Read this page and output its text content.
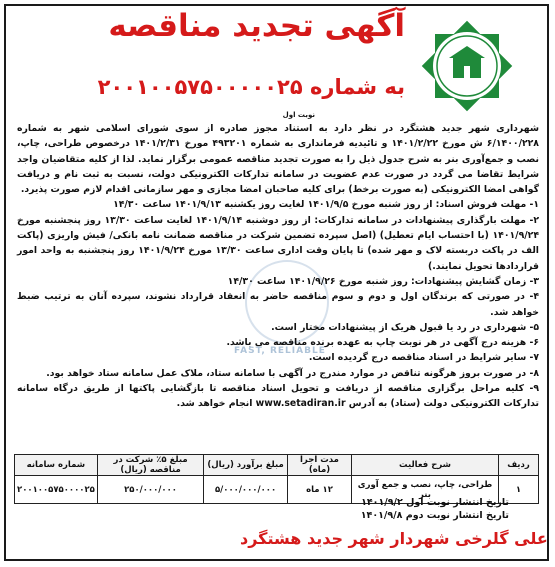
آگهی تجدید مناقصه
به شماره ۲۰۰۱۰۰۵۷۵۰۰۰۰۰۲۵
نوبت اول
FAST, RELIABLE

شهرداری شهر جدید هشتگرد در نظر دارد به استناد مجوز صادره از سوی شورای اسلامی شهر به شماره ۶/۱۴۰۰/۲۲۸ ش مورخ ۱۴۰۱/۲/۲۲ و تائیدیه فرمانداری به شماره ۴۹۳۲۰۱ مورخ ۱۴۰۱/۲/۳۱ درخصوص طراحی، چاپ، نصب و جمع‌آوری بنر به شرح جدول ذیل را به صورت تجدید مناقصه عمومی برگزار نماید. لذا از کلیه متقاضیان واجد شرایط تقاضا می گردد در صورت عدم عضویت در سامانه تدارکات الکترونیکی دولت، نسبت به ثبت نام و دریافت گواهی امضا الکترونیکی (به صورت برخط) برای کلیه صاحبان امضا مجازی و مهر سازمانی اقدام لازم صورت پذیرد.

۱- مهلت فروش اسناد: از روز شنبه مورخ ۱۴۰۱/۹/۵ لغایت روز یکشنبه ۱۴۰۱/۹/۱۳ ساعت ۱۴/۳۰

۲- مهلت بارگذاری پیشنهادات در سامانه تدارکات: از روز دوشنبه ۱۴۰۱/۹/۱۴ لغایت ساعت ۱۳/۳۰ روز پنجشنبه مورخ ۱۴۰۱/۹/۲۴ (با احتساب ایام تعطیل) (اصل سپرده تضمین شرکت در مناقصه ضمانت نامه بانکی/ فیش واریزی (پاکت الف در پاکت دربسته لاک و مهر شده) تا پایان وقت اداری ساعت ۱۳/۳۰ مورخ ۱۴۰۱/۹/۲۴ روز پنجشنبه به واحد امور قراردادها تحویل نمایند.)

۳- زمان گشایش پیشنهادات: روز شنبه مورخ ۱۴۰۱/۹/۲۶ ساعت ۱۴/۳۰

۴- در صورتی که برندگان اول و دوم و سوم مناقصه حاضر به انعقاد قرارداد نشوند، سپرده آنان به ترتیب ضبط خواهد شد.

۵- شهرداری در رد یا قبول هریک از پیشنهادات مختار است.

۶- هزینه درج آگهی در هر نوبت چاپ به عهده برنده مناقصه می باشد.

۷- سایر شرایط در اسناد مناقصه درج گردیده است.

۸- در صورت بروز هرگونه تناقض در موارد مندرج در آگهی با سامانه ستاد، ملاک عمل سامانه ستاد خواهد بود.

۹- کلیه مراحل برگزاری مناقصه از دریافت و تحویل اسناد مناقصه تا بازگشایی پاکتها از طریق درگاه سامانه تدارکات الکترونیکی دولت (ستاد) به آدرس www.setadiran.ir انجام خواهد شد.

ردیف	شرح فعالیت	مدت اجرا (ماه)	مبلغ برآورد (ریال)	مبلغ ۵٪ شرکت در مناقصه (ریال)	شماره سامانه
۱	طراحی، چاپ، نصب و جمع آوری بنر	۱۲ ماه	۵/۰۰۰/۰۰۰/۰۰۰	۲۵۰/۰۰۰/۰۰۰	۲۰۰۱۰۰۵۷۵۰۰۰۰۲۵
تاریخ انتشار نوبت اول ۱۴۰۱/۹/۲
تاریخ انتشار نوبت دوم ۱۴۰۱/۹/۸
علی گلرخی شهردار شهر جدید هشتگرد
